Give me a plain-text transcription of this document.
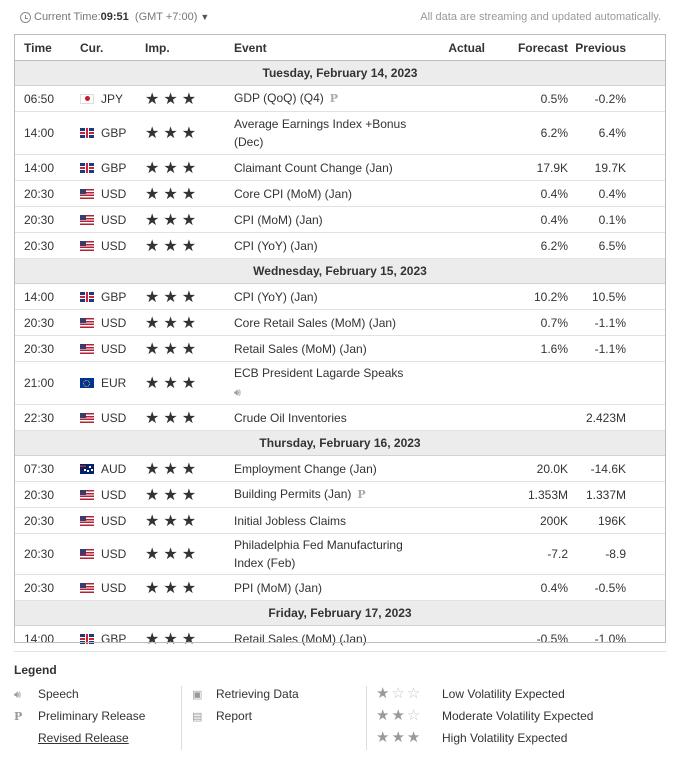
Current Time:09:51 (GMT +7:00) ▼	All data are streaming and updated automatically.
Time	Cur.	Imp.	Event	Actual	Forecast	Previous
Tuesday, February 14, 2023						
06:50	JPY	★★★	GDP (QoQ) (Q4) P		0.5%	-0.2%
14:00	GBP	★★★	Average Earnings Index +Bonus (Dec)		6.2%	6.4%
14:00	GBP	★★★	Claimant Count Change (Jan)		17.9K	19.7K
20:30	USD	★★★	Core CPI (MoM) (Jan)		0.4%	0.4%
20:30	USD	★★★	CPI (MoM) (Jan)		0.4%	0.1%
20:30	USD	★★★	CPI (YoY) (Jan)		6.2%	6.5%
Wednesday, February 15, 2023						
14:00	GBP	★★★	CPI (YoY) (Jan)		10.2%	10.5%
20:30	USD	★★★	Core Retail Sales (MoM) (Jan)		0.7%	-1.1%
20:30	USD	★★★	Retail Sales (MoM) (Jan)		1.6%	-1.1%
21:00	EUR	★★★	ECB President Lagarde Speaks
🔊︎			
22:30	USD	★★★	Crude Oil Inventories			2.423M
Thursday, February 16, 2023						
07:30	AUD	★★★	Employment Change (Jan)		20.0K	-14.6K
20:30	USD	★★★	Building Permits (Jan) P		1.353M	1.337M
20:30	USD	★★★	Initial Jobless Claims		200K	196K
20:30	USD	★★★	Philadelphia Fed Manufacturing Index (Feb)		-7.2	-8.9
20:30	USD	★★★	PPI (MoM) (Jan)		0.4%	-0.5%
Friday, February 17, 2023						
14:00	GBP	★★★	Retail Sales (MoM) (Jan)		-0.5%	-1.0%
Legend
🔊︎ Speech
P Preliminary Release
Revised Release
▣ Retrieving Data
▤ Report
★☆☆ Low Volatility Expected
★★☆ Moderate Volatility Expected
★★★ High Volatility Expected
